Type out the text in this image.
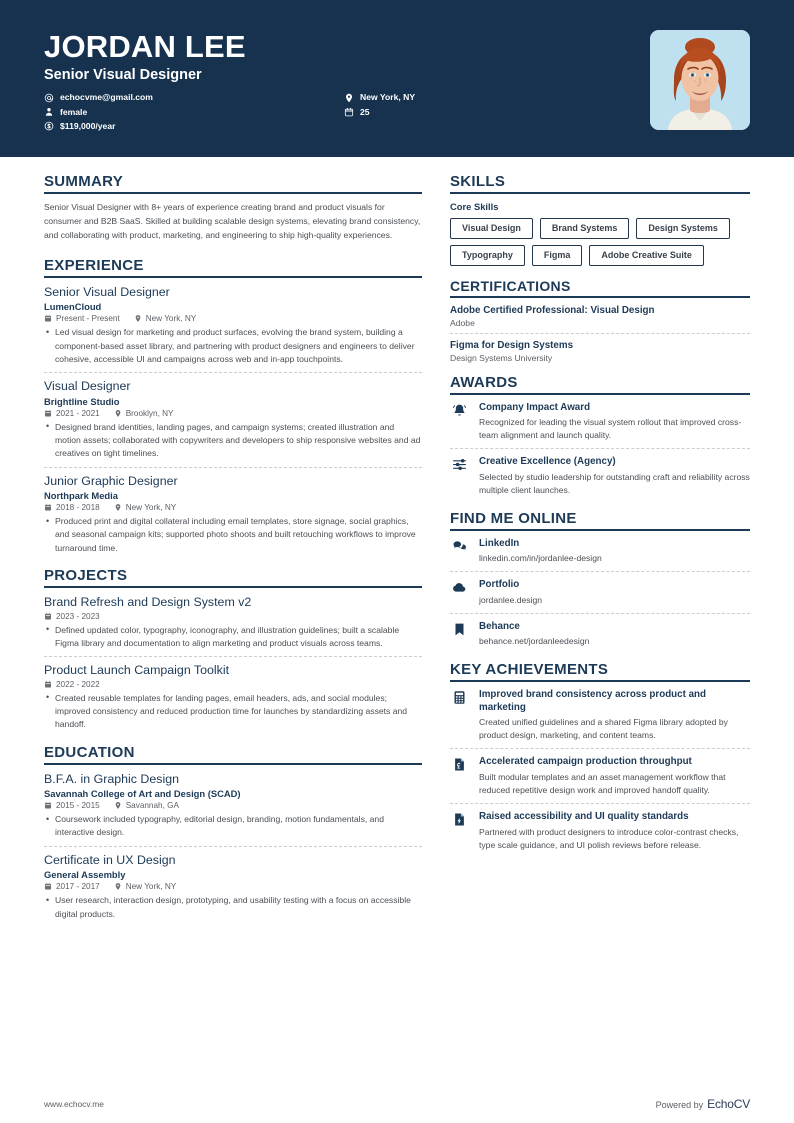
JORDAN LEE
Senior Visual Designer
echocvme@gmail.com
female
$119,000/year
New York, NY
25
SUMMARY
Senior Visual Designer with 8+ years of experience creating brand and product visuals for consumer and B2B SaaS. Skilled at building scalable design systems, elevating brand consistency, and collaborating with product, marketing, and engineering to ship high-quality experiences.
EXPERIENCE
Senior Visual Designer
LumenCloud
Present - Present	New York, NY
• Led visual design for marketing and product surfaces, evolving the brand system, building a component-based asset library, and partnering with product designers and engineers to deliver cohesive, accessible UI and campaigns across web and in-app touchpoints.
Visual Designer
Brightline Studio
2021 - 2021	Brooklyn, NY
• Designed brand identities, landing pages, and campaign systems; created illustration and motion assets; collaborated with copywriters and developers to ship responsive websites and ad creatives on tight timelines.
Junior Graphic Designer
Northpark Media
2018 - 2018	New York, NY
• Produced print and digital collateral including email templates, store signage, social graphics, and seasonal campaign kits; supported photo shoots and built retouching workflows to improve turnaround time.
PROJECTS
Brand Refresh and Design System v2
2023 - 2023
• Defined updated color, typography, iconography, and illustration guidelines; built a scalable Figma library and documentation to align marketing and product visuals across teams.
Product Launch Campaign Toolkit
2022 - 2022
• Created reusable templates for landing pages, email headers, ads, and social modules; improved consistency and reduced production time for launches by standardizing assets and handoff.
EDUCATION
B.F.A. in Graphic Design
Savannah College of Art and Design (SCAD)
2015 - 2015	Savannah, GA
• Coursework included typography, editorial design, branding, motion fundamentals, and interactive design.
Certificate in UX Design
General Assembly
2017 - 2017	New York, NY
• User research, interaction design, prototyping, and usability testing with a focus on accessible digital products.
SKILLS
Core Skills
Visual Design	Brand Systems	Design Systems
Typography	Figma	Adobe Creative Suite
CERTIFICATIONS
Adobe Certified Professional: Visual Design
Adobe
Figma for Design Systems
Design Systems University
AWARDS
Company Impact Award
Recognized for leading the visual system rollout that improved cross-team alignment and launch quality.
Creative Excellence (Agency)
Selected by studio leadership for outstanding craft and reliability across multiple client launches.
FIND ME ONLINE
LinkedIn
linkedin.com/in/jordanlee-design
Portfolio
jordanlee.design
Behance
behance.net/jordanleedesign
KEY ACHIEVEMENTS
Improved brand consistency across product and marketing
Created unified guidelines and a shared Figma library adopted by product design, marketing, and content teams.
Accelerated campaign production throughput
Built modular templates and an asset management workflow that reduced repetitive design work and improved handoff quality.
Raised accessibility and UI quality standards
Partnered with product designers to introduce color-contrast checks, type scale guidance, and UI polish reviews before release.
www.echocv.me	Powered by EchoCV
